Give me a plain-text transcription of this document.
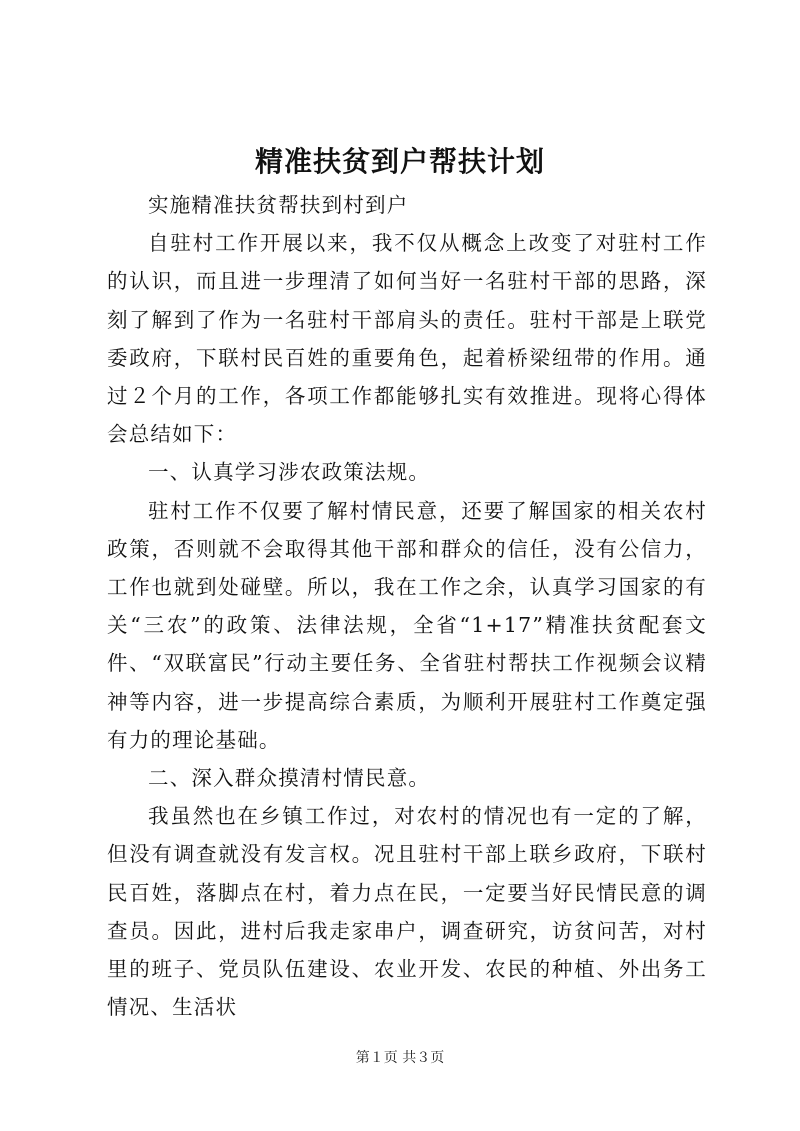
精准扶贫到户帮扶计划

实施精准扶贫帮扶到村到户

自驻村工作开展以来，我不仅从概念上改变了对驻村工作的认识，而且进一步理清了如何当好一名驻村干部的思路，深刻了解到了作为一名驻村干部肩头的责任。驻村干部是上联党委政府，下联村民百姓的重要角色，起着桥梁纽带的作用。通过２个月的工作，各项工作都能够扎实有效推进。现将心得体会总结如下：

一、认真学习涉农政策法规。

驻村工作不仅要了解村情民意，还要了解国家的相关农村政策，否则就不会取得其他干部和群众的信任，没有公信力，工作也就到处碰壁。所以，我在工作之余，认真学习国家的有关“三农”的政策、法律法规，全省“1+17”精准扶贫配套文件、“双联富民”行动主要任务、全省驻村帮扶工作视频会议精神等内容，进一步提高综合素质，为顺利开展驻村工作奠定强有力的理论基础。

二、深入群众摸清村情民意。

我虽然也在乡镇工作过，对农村的情况也有一定的了解，但没有调查就没有发言权。况且驻村干部上联乡政府，下联村民百姓，落脚点在村，着力点在民，一定要当好民情民意的调查员。因此，进村后我走家串户，调查研究，访贫问苦，对村里的班子、党员队伍建设、农业开发、农民的种植、外出务工情况、生活状

第１页 共３页
